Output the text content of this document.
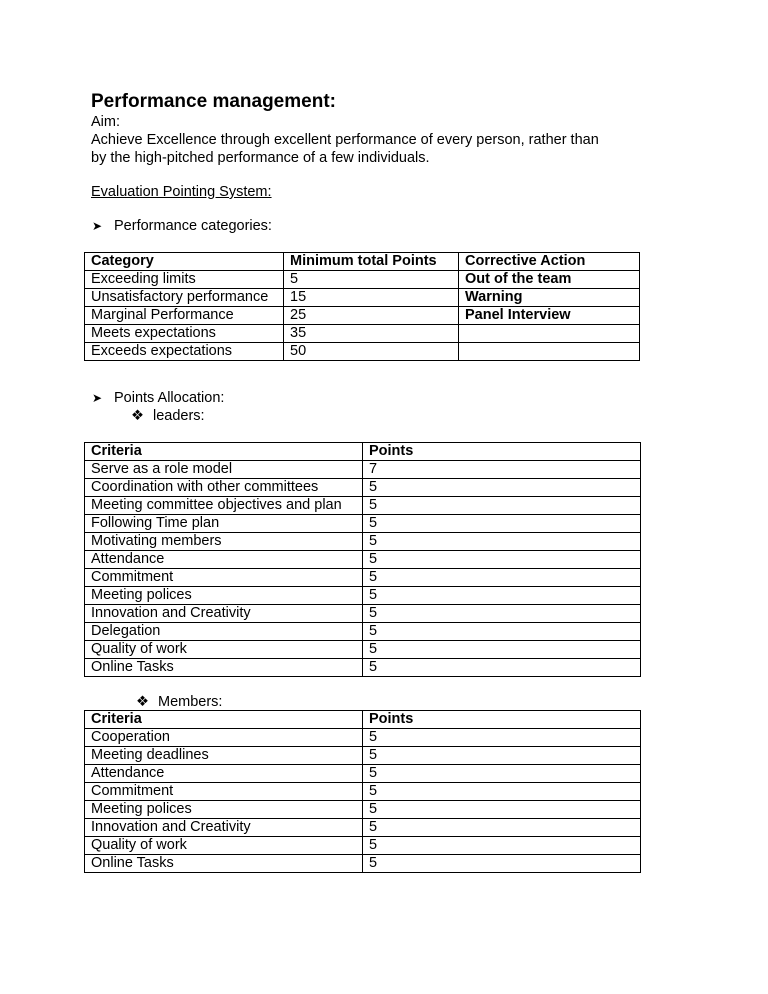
Performance management:
Aim:
Achieve Excellence through excellent performance of every person, rather than
by the high-pitched performance of a few individuals.
Evaluation Pointing System:
➤ Performance categories:
Category	Minimum total Points	Corrective Action
Exceeding limits	5	Out of the team
Unsatisfactory performance	15	Warning
Marginal Performance	25	Panel Interview
Meets expectations	35	
Exceeds expectations	50	
➤ Points Allocation:
❖ leaders:
Criteria	Points
Serve as a role model	7
Coordination with other committees	5
Meeting committee objectives and plan	5
Following Time plan	5
Motivating members	5
Attendance	5
Commitment	5
Meeting polices	5
Innovation and Creativity	5
Delegation	5
Quality of work	5
Online Tasks	5
❖ Members:
Criteria	Points
Cooperation	5
Meeting deadlines	5
Attendance	5
Commitment	5
Meeting polices	5
Innovation and Creativity	5
Quality of work	5
Online Tasks	5
